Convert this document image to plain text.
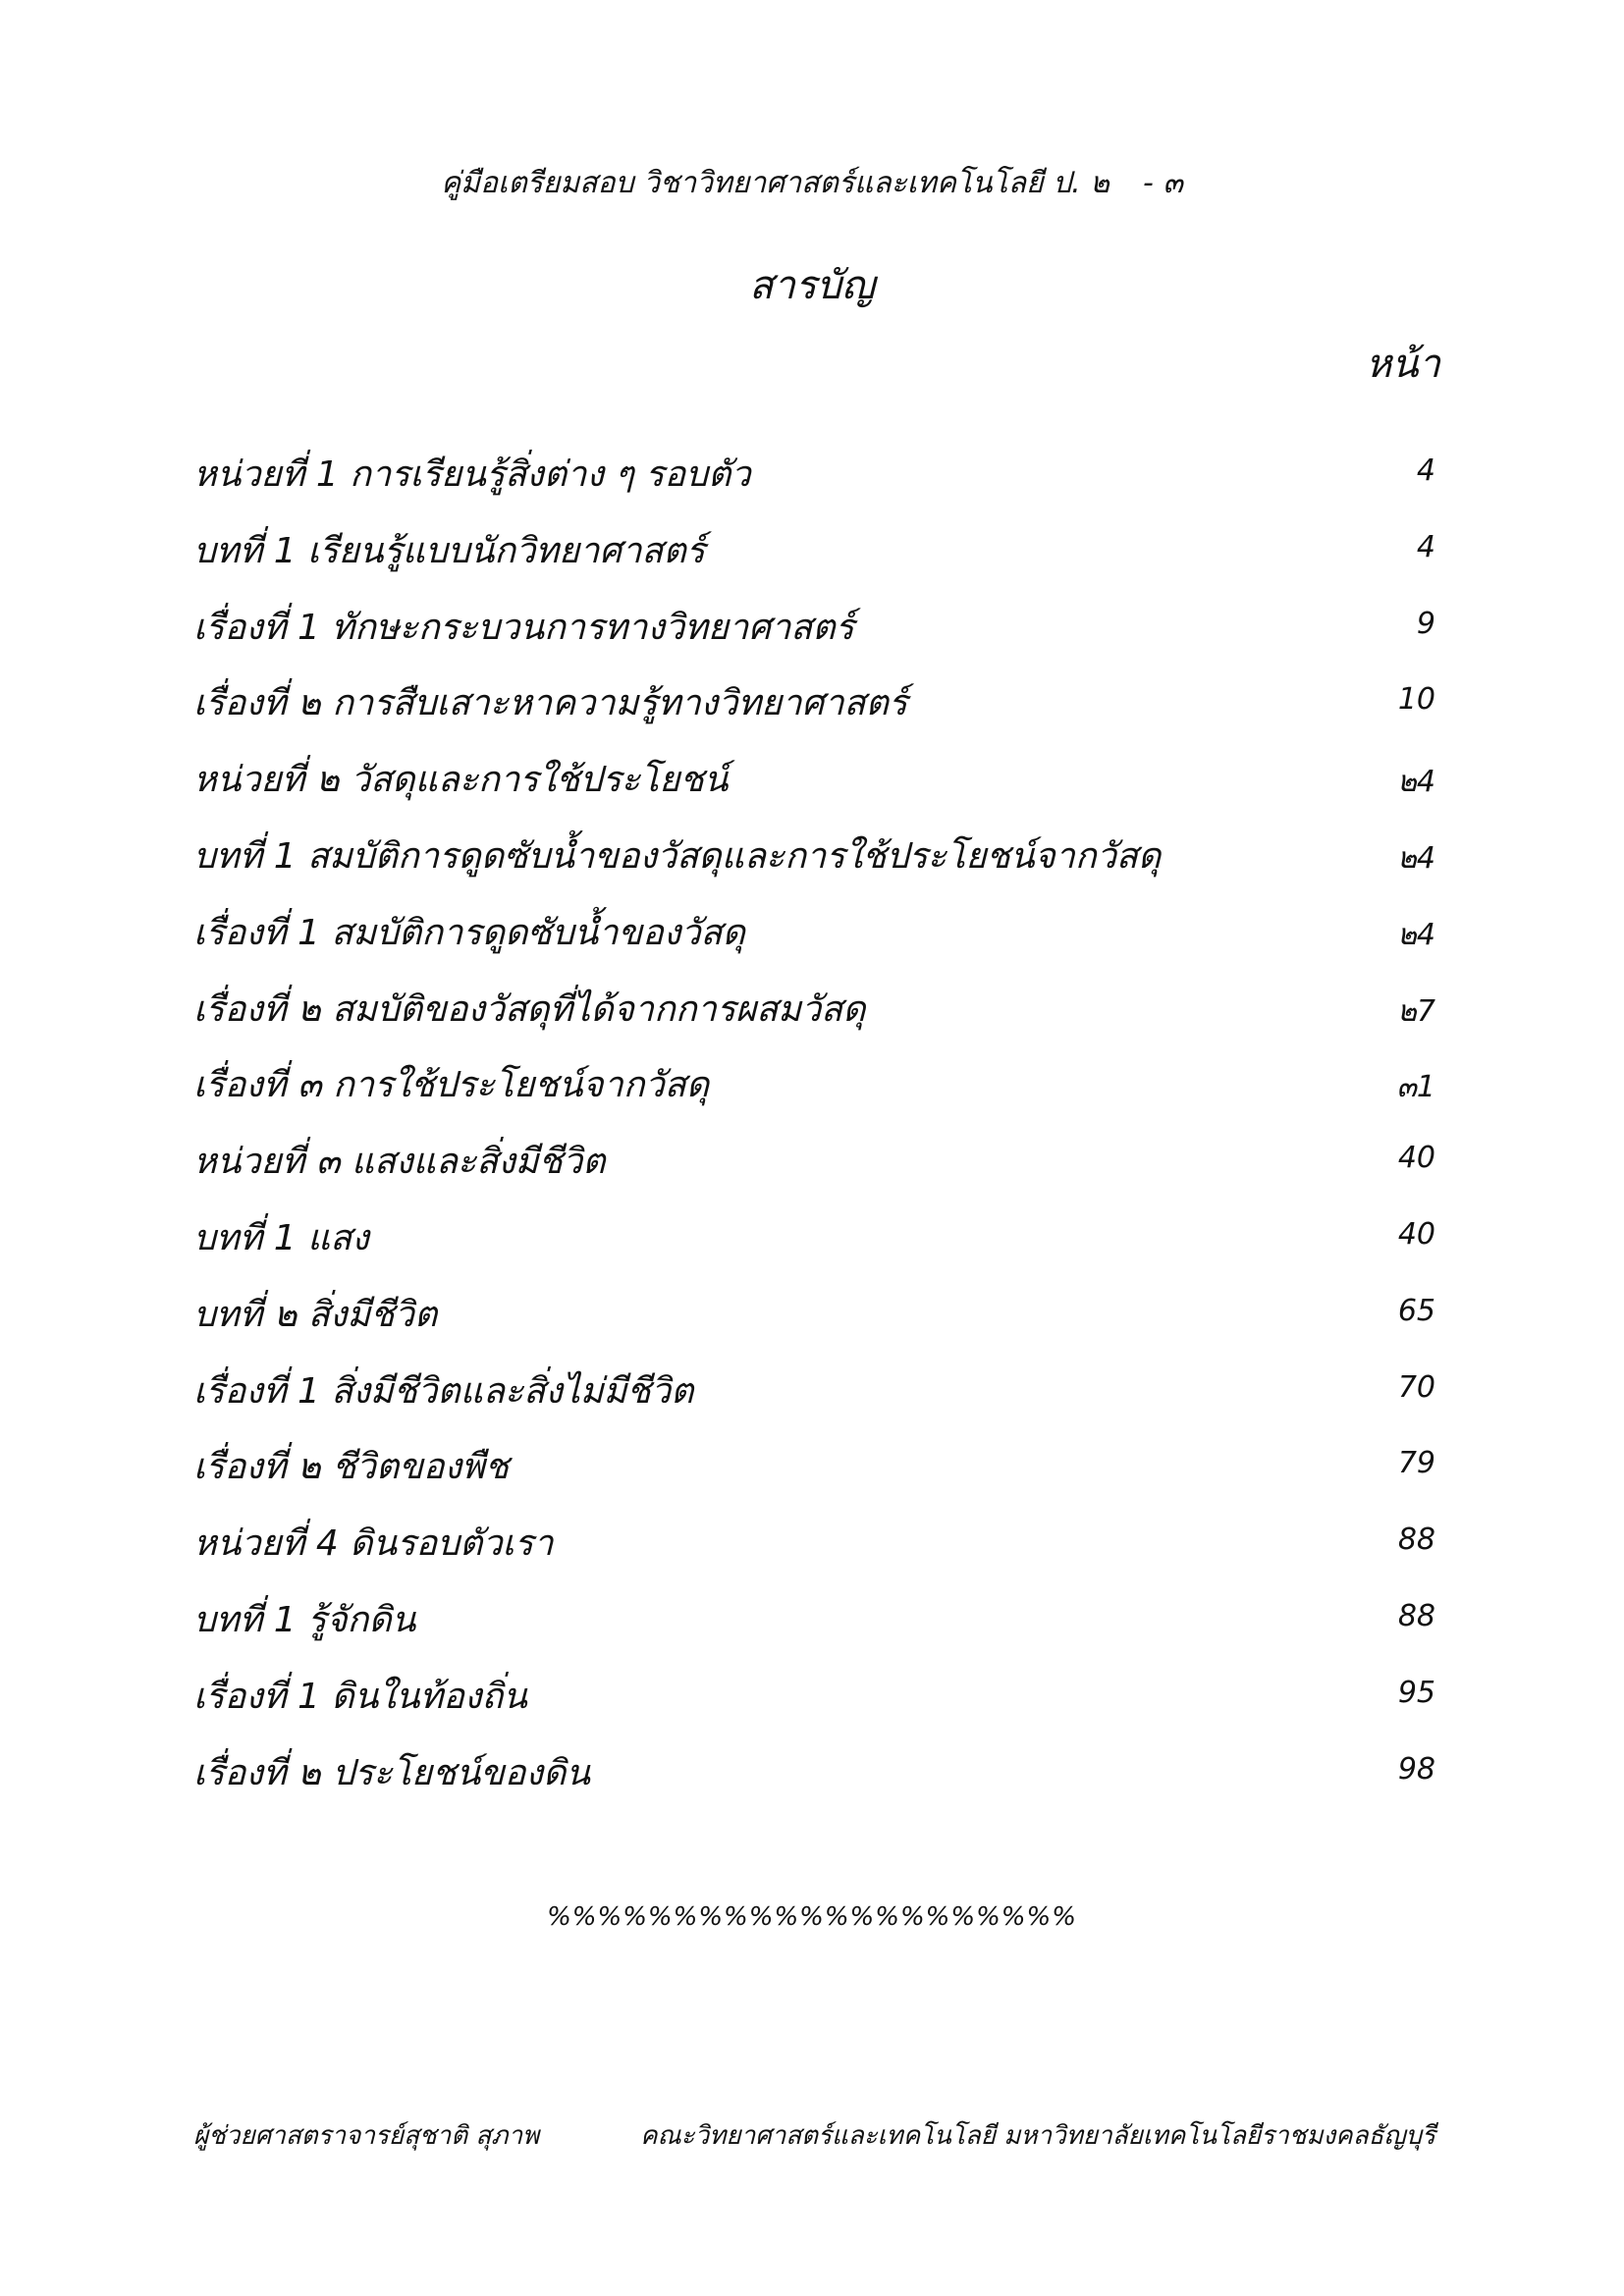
คู่มือเตรียมสอบ วิชาวิทยาศาสตร์และเทคโนโลยี ป. ๒ - ๓
สารบัญ
หน้า
หน่วยที่ 1 การเรียนรู้สิ่งต่าง ๆ รอบตัว	4
บทที่ 1 เรียนรู้แบบนักวิทยาศาสตร์	4
เรื่องที่ 1 ทักษะกระบวนการทางวิทยาศาสตร์	9
เรื่องที่ ๒ การสืบเสาะหาความรู้ทางวิทยาศาสตร์	10
หน่วยที่ ๒ วัสดุและการใช้ประโยชน์	๒4
บทที่ 1 สมบัติการดูดซับน้ำของวัสดุและการใช้ประโยชน์จากวัสดุ	๒4
เรื่องที่ 1 สมบัติการดูดซับน้ำของวัสดุ	๒4
เรื่องที่ ๒ สมบัติของวัสดุที่ได้จากการผสมวัสดุ	๒7
เรื่องที่ ๓ การใช้ประโยชน์จากวัสดุ	๓1
หน่วยที่ ๓ แสงและสิ่งมีชีวิต	40
บทที่ 1 แสง	40
บทที่ ๒ สิ่งมีชีวิต	65
เรื่องที่ 1 สิ่งมีชีวิตและสิ่งไม่มีชีวิต	70
เรื่องที่ ๒ ชีวิตของพืช	79
หน่วยที่ 4 ดินรอบตัวเรา	88
บทที่ 1 รู้จักดิน	88
เรื่องที่ 1 ดินในท้องถิ่น	95
เรื่องที่ ๒ ประโยชน์ของดิน	98
%%%%%%%%%%%%%%%%%%%%%
ผู้ช่วยศาสตราจารย์สุชาติ สุภาพ	คณะวิทยาศาสตร์และเทคโนโลยี มหาวิทยาลัยเทคโนโลยีราชมงคลธัญบุรี
